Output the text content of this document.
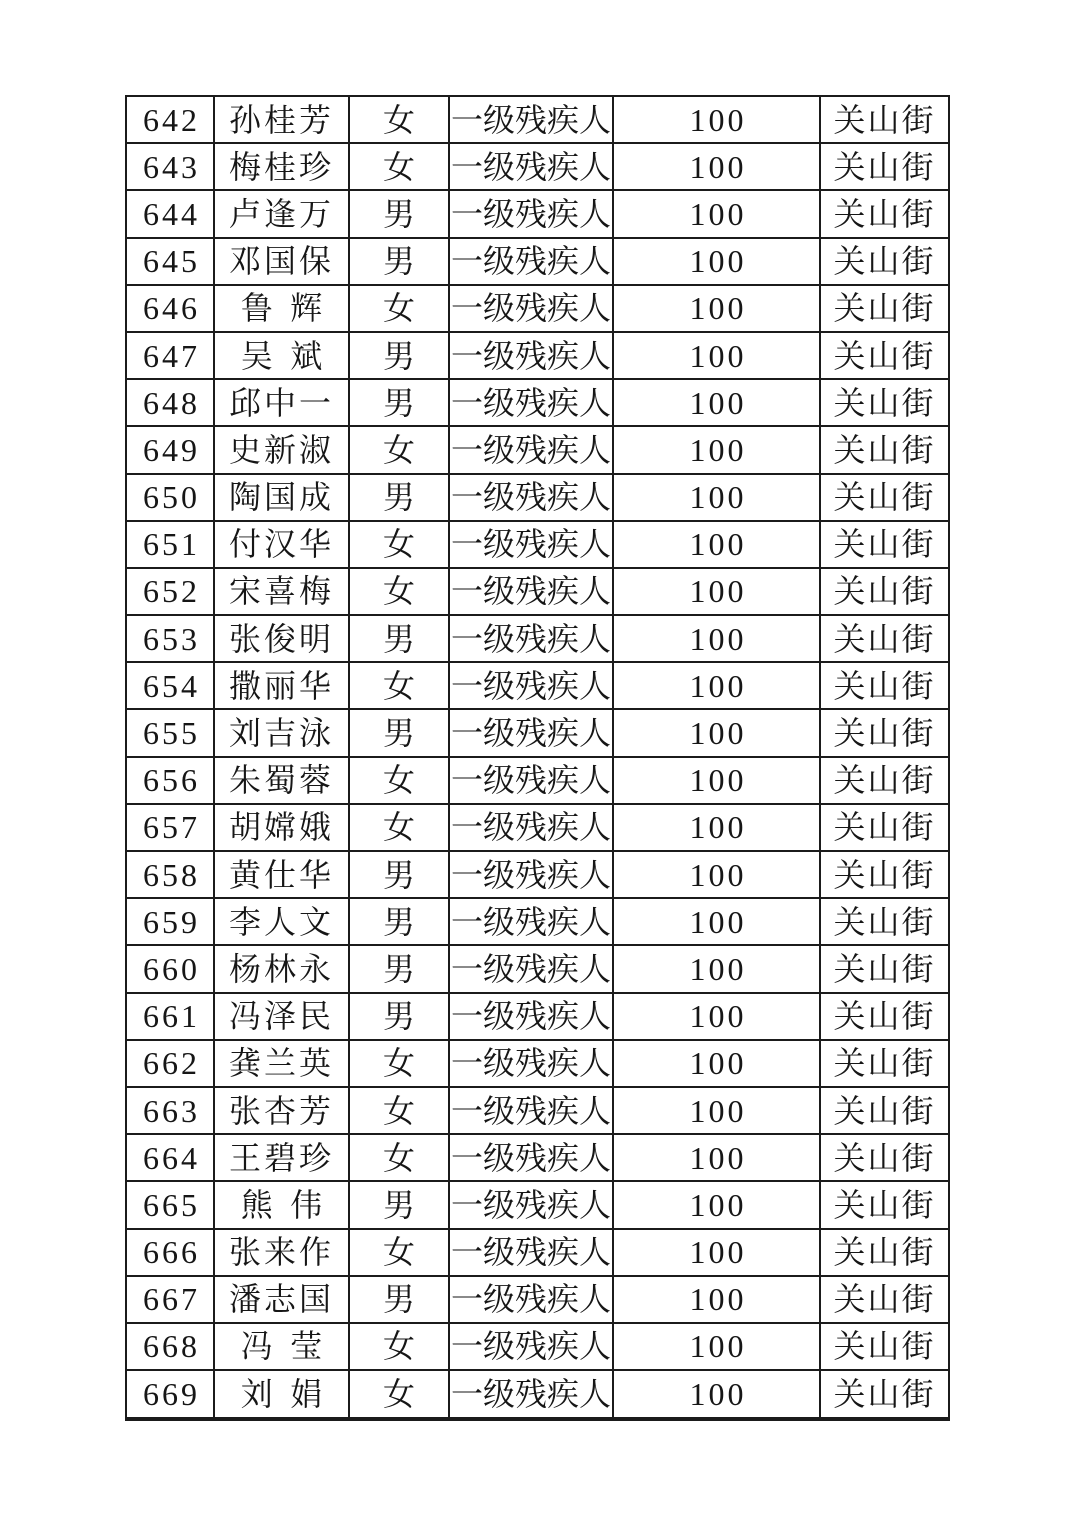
642	孙桂芳	女	一级残疾人	100	关山街
643	梅桂珍	女	一级残疾人	100	关山街
644	卢逢万	男	一级残疾人	100	关山街
645	邓国保	男	一级残疾人	100	关山街
646	鲁辉	女	一级残疾人	100	关山街
647	吴斌	男	一级残疾人	100	关山街
648	邱中一	男	一级残疾人	100	关山街
649	史新淑	女	一级残疾人	100	关山街
650	陶国成	男	一级残疾人	100	关山街
651	付汉华	女	一级残疾人	100	关山街
652	宋喜梅	女	一级残疾人	100	关山街
653	张俊明	男	一级残疾人	100	关山街
654	撒丽华	女	一级残疾人	100	关山街
655	刘吉泳	男	一级残疾人	100	关山街
656	朱蜀蓉	女	一级残疾人	100	关山街
657	胡嫦娥	女	一级残疾人	100	关山街
658	黄仕华	男	一级残疾人	100	关山街
659	李人文	男	一级残疾人	100	关山街
660	杨林永	男	一级残疾人	100	关山街
661	冯泽民	男	一级残疾人	100	关山街
662	龚兰英	女	一级残疾人	100	关山街
663	张杏芳	女	一级残疾人	100	关山街
664	王碧珍	女	一级残疾人	100	关山街
665	熊伟	男	一级残疾人	100	关山街
666	张来作	女	一级残疾人	100	关山街
667	潘志国	男	一级残疾人	100	关山街
668	冯莹	女	一级残疾人	100	关山街
669	刘娟	女	一级残疾人	100	关山街
